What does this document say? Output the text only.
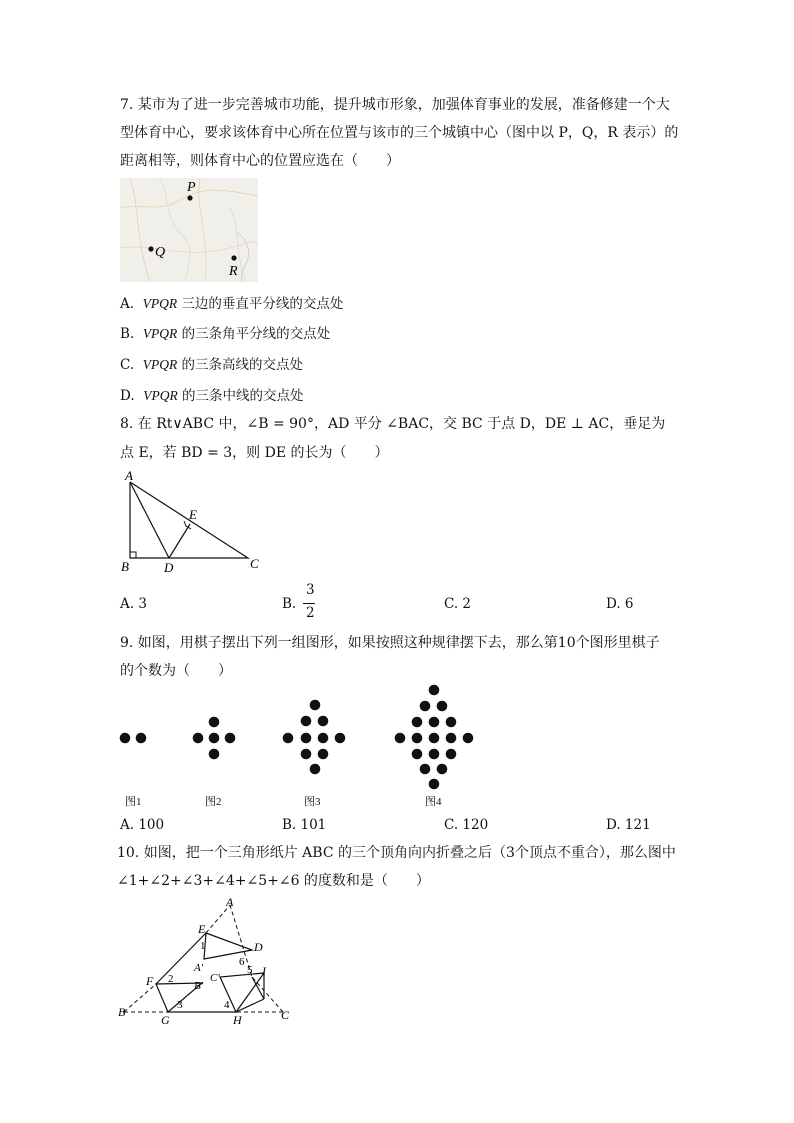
7. 某市为了进一步完善城市功能，提升城市形象，加强体育事业的发展，准备修建一个大
型体育中心，要求该体育中心所在位置与该市的三个城镇中心（图中以 P，Q，R 表示）的
距离相等，则体育中心的位置应选在（　　）
P
Q
R
A. VPQR 三边的垂直平分线的交点处
B. VPQR 的三条角平分线的交点处
C. VPQR 的三条高线的交点处
D. VPQR 的三条中线的交点处
8. 在 Rt∨ABC 中，∠B = 90°，AD 平分 ∠BAC，交 BC 于点 D，DE ⊥ AC，垂足为
点 E，若 BD = 3，则 DE 的长为（　　）
A
B	C
D
E
A. 3	B.
3
2
C. 2	D. 6
9. 如图，用棋子摆出下列一组图形，如果按照这种规律摆下去，那么第10个图形里棋子
的个数为（　　）
图1	图2	图3	图4
A. 100	B. 101	C. 120	D. 121
10. 如图，把一个三角形纸片 ABC 的三个顶角向内折叠之后（3个顶点不重合），那么图中
∠1+∠2+∠3+∠4+∠5+∠6 的度数和是（　　）
A
E
D
1
6
A'
C'
5 I
F 2
B'
3	4
B
G	H	C
